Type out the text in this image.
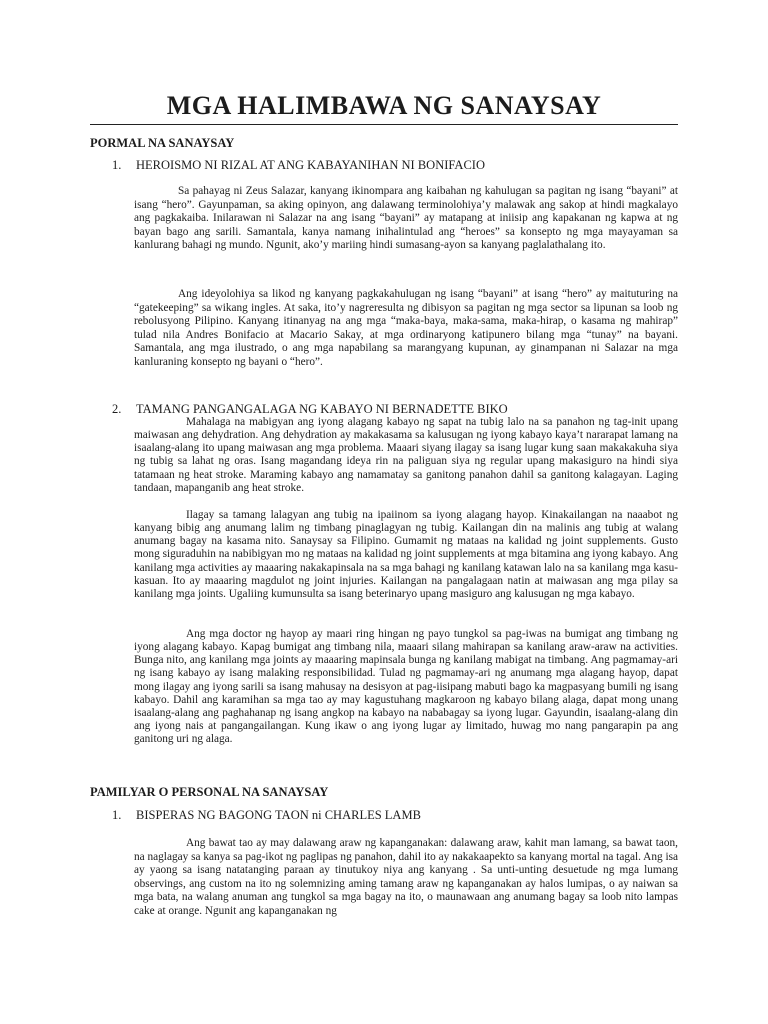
MGA HALIMBAWA NG SANAYSAY

PORMAL NA SANAYSAY

1. HEROISMO NI RIZAL AT ANG KABAYANIHAN NI BONIFACIO

Sa pahayag ni Zeus Salazar, kanyang ikinompara ang kaibahan ng kahulugan sa pagitan ng isang “bayani” at isang “hero”. Gayunpaman, sa aking opinyon, ang dalawang terminolohiya’y malawak ang sakop at hindi magkalayo ang pagkakaiba. Inilarawan ni Salazar na ang isang “bayani” ay matapang at iniisip ang kapakanan ng kapwa at ng bayan bago ang sarili. Samantala, kanya namang inihalintulad ang “heroes” sa konsepto ng mga mayayaman sa kanlurang bahagi ng mundo. Ngunit, ako’y mariing hindi sumasang-ayon sa kanyang paglalathalang ito.

Ang ideyolohiya sa likod ng kanyang pagkakahulugan ng isang “bayani” at isang “hero” ay maituturing na “gatekeeping” sa wikang ingles. At saka, ito’y nagreresulta ng dibisyon sa pagitan ng mga sector sa lipunan sa loob ng rebolusyong Pilipino. Kanyang itinanyag na ang mga “maka-baya, maka-sama, maka-hirap, o kasama ng mahirap” tulad nila Andres Bonifacio at Macario Sakay, at mga ordinaryong katipunero bilang mga “tunay” na bayani. Samantala, ang mga ilustrado, o ang mga napabilang sa marangyang kupunan, ay ginampanan ni Salazar na mga kanluraning konsepto ng bayani o “hero”.

2. TAMANG PANGANGALAGA NG KABAYO NI BERNADETTE BIKO

Mahalaga na mabigyan ang iyong alagang kabayo ng sapat na tubig lalo na sa panahon ng tag-init upang maiwasan ang dehydration. Ang dehydration ay makakasama sa kalusugan ng iyong kabayo kaya’t nararapat lamang na isaalang-alang ito upang maiwasan ang mga problema. Maaari siyang ilagay sa isang lugar kung saan makakakuha siya ng tubig sa lahat ng oras. Isang magandang ideya rin na paliguan siya ng regular upang makasiguro na hindi siya tatamaan ng heat stroke. Maraming kabayo ang namamatay sa ganitong panahon dahil sa ganitong kalagayan. Laging tandaan, mapanganib ang heat stroke.

Ilagay sa tamang lalagyan ang tubig na ipaiinom sa iyong alagang hayop. Kinakailangan na naaabot ng kanyang bibig ang anumang lalim ng timbang pinaglagyan ng tubig. Kailangan din na malinis ang tubig at walang anumang bagay na kasama nito. Sanaysay sa Filipino. Gumamit ng mataas na kalidad ng joint supplements. Gusto mong siguraduhin na nabibigyan mo ng mataas na kalidad ng joint supplements at mga bitamina ang iyong kabayo. Ang kanilang mga activities ay maaaring nakakapinsala na sa mga bahagi ng kanilang katawan lalo na sa kanilang mga kasu-kasuan. Ito ay maaaring magdulot ng joint injuries. Kailangan na pangalagaan natin at maiwasan ang mga pilay sa kanilang mga joints. Ugaliing kumunsulta sa isang beterinaryo upang masiguro ang kalusugan ng mga kabayo.

Ang mga doctor ng hayop ay maari ring hingan ng payo tungkol sa pag-iwas na bumigat ang timbang ng iyong alagang kabayo. Kapag bumigat ang timbang nila, maaari silang mahirapan sa kanilang araw-araw na activities. Bunga nito, ang kanilang mga joints ay maaaring mapinsala bunga ng kanilang mabigat na timbang. Ang pagmamay-ari ng isang kabayo ay isang malaking responsibilidad. Tulad ng pagmamay-ari ng anumang mga alagang hayop, dapat mong ilagay ang iyong sarili sa isang mahusay na desisyon at pag-iisipang mabuti bago ka magpasyang bumili ng isang kabayo. Dahil ang karamihan sa mga tao ay may kagustuhang magkaroon ng kabayo bilang alaga, dapat mong unang isaalang-alang ang paghahanap ng isang angkop na kabayo na nababagay sa iyong lugar. Gayundin, isaalang-alang din ang iyong nais at pangangailangan. Kung ikaw o ang iyong lugar ay limitado, huwag mo nang pangarapin pa ang ganitong uri ng alaga.

PAMILYAR O PERSONAL NA SANAYSAY

1. BISPERAS NG BAGONG TAON ni CHARLES LAMB

Ang bawat tao ay may dalawang araw ng kapanganakan: dalawang araw, kahit man lamang, sa bawat taon, na naglagay sa kanya sa pag-ikot ng paglipas ng panahon, dahil ito ay nakakaapekto sa kanyang mortal na tagal. Ang isa ay yaong sa isang natatanging paraan ay tinutukoy niya ang kanyang . Sa unti-unting desuetude ng mga lumang observings, ang custom na ito ng solemnizing aming tamang araw ng kapanganakan ay halos lumipas, o ay naiwan sa mga bata, na walang anuman ang tungkol sa mga bagay na ito, o maunawaan ang anumang bagay sa loob nito lampas cake at orange. Ngunit ang kapanganakan ng
